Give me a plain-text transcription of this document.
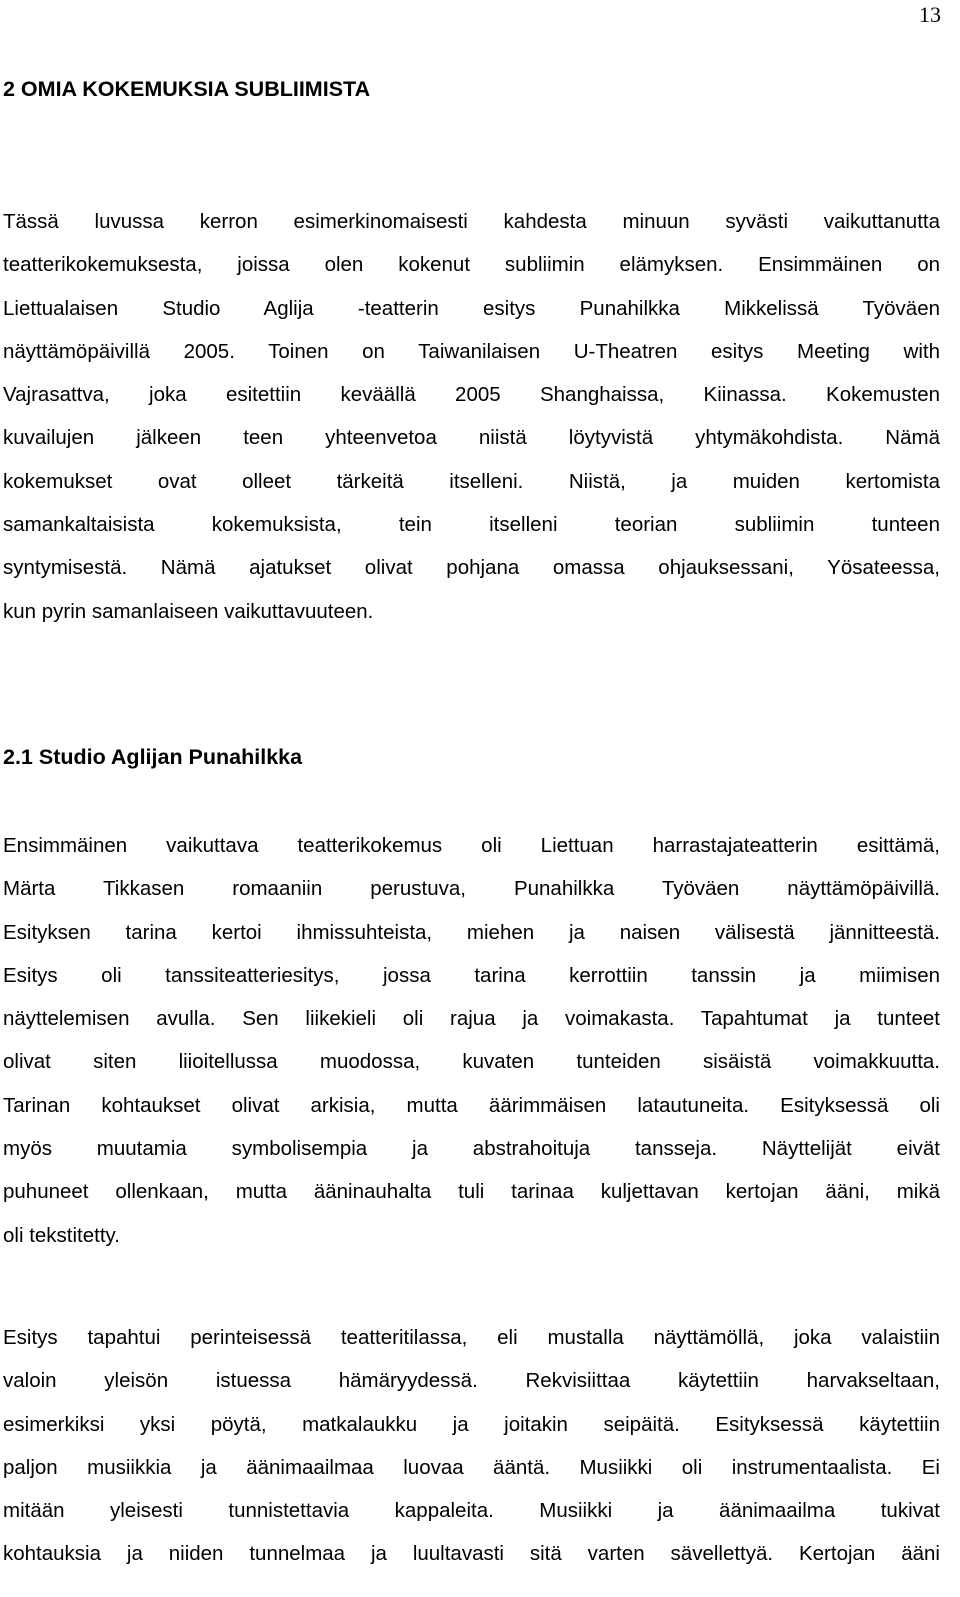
13
2 OMIA KOKEMUKSIA SUBLIIMISTA
Tässä luvussa kerron esimerkinomaisesti kahdesta minuun syvästi vaikuttanutta
teatterikokemuksesta, joissa olen kokenut subliimin elämyksen. Ensimmäinen on
Liettualaisen Studio Aglija -teatterin esitys Punahilkka Mikkelissä Työväen
näyttämöpäivillä 2005. Toinen on Taiwanilaisen U-Theatren esitys Meeting with
Vajrasattva, joka esitettiin keväällä 2005 Shanghaissa, Kiinassa. Kokemusten
kuvailujen jälkeen teen yhteenvetoa niistä löytyvistä yhtymäkohdista. Nämä
kokemukset ovat olleet tärkeitä itselleni. Niistä, ja muiden kertomista
samankaltaisista kokemuksista, tein itselleni teorian subliimin tunteen
syntymisestä. Nämä ajatukset olivat pohjana omassa ohjauksessani, Yösateessa,
kun pyrin samanlaiseen vaikuttavuuteen.
2.1 Studio Aglijan Punahilkka
Ensimmäinen vaikuttava teatterikokemus oli Liettuan harrastajateatterin esittämä,
Märta Tikkasen romaaniin perustuva, Punahilkka Työväen näyttämöpäivillä.
Esityksen tarina kertoi ihmissuhteista, miehen ja naisen välisestä jännitteestä.
Esitys oli tanssiteatteriesitys, jossa tarina kerrottiin tanssin ja miimisen
näyttelemisen avulla. Sen liikekieli oli rajua ja voimakasta. Tapahtumat ja tunteet
olivat siten liioitellussa muodossa, kuvaten tunteiden sisäistä voimakkuutta.
Tarinan kohtaukset olivat arkisia, mutta äärimmäisen latautuneita. Esityksessä oli
myös muutamia symbolisempia ja abstrahoituja tansseja. Näyttelijät eivät
puhuneet ollenkaan, mutta ääninauhalta tuli tarinaa kuljettavan kertojan ääni, mikä
oli tekstitetty.
Esitys tapahtui perinteisessä teatteritilassa, eli mustalla näyttämöllä, joka valaistiin
valoin yleisön istuessa hämäryydessä. Rekvisiittaa käytettiin harvakseltaan,
esimerkiksi yksi pöytä, matkalaukku ja joitakin seipäitä. Esityksessä käytettiin
paljon musiikkia ja äänimaailmaa luovaa ääntä. Musiikki oli instrumentaalista. Ei
mitään yleisesti tunnistettavia kappaleita. Musiikki ja äänimaailma tukivat
kohtauksia ja niiden tunnelmaa ja luultavasti sitä varten sävellettyä. Kertojan ääni
